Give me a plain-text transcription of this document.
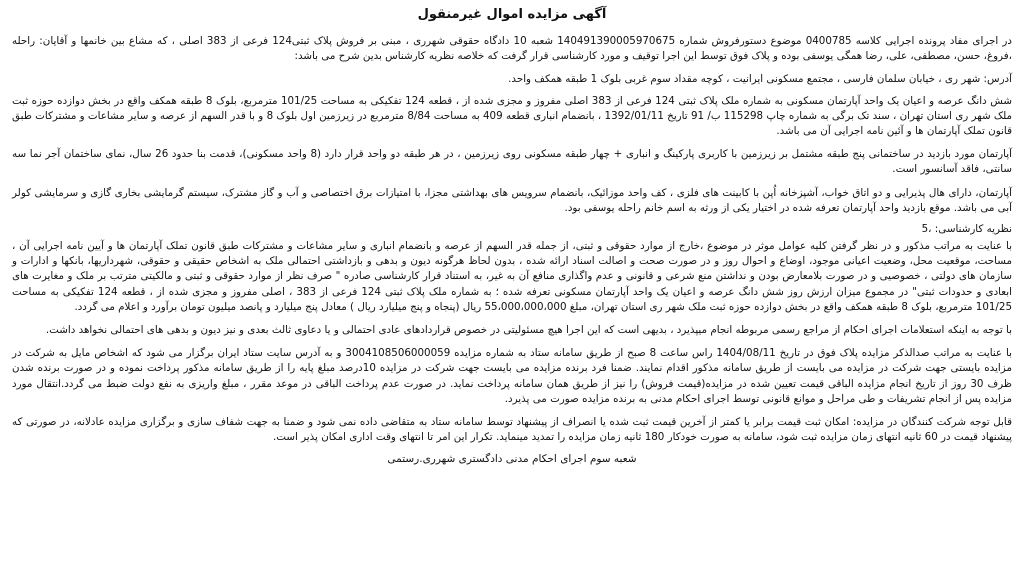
آگهی مزایده اموال غیرمنقول

در اجرای مفاد پرونده اجرایی کلاسه 0400785 موضوع دستورفروش شماره 140491390005970675 شعبه 10 دادگاه حقوقی شهرری ، مبنی بر فروش پلاک ثبتی124 فرعی از 383 اصلی ، که مشاع بین خانمها و آقایان: راحله ،فروغ، حسن، مصطفی، علی، رضا همگی یوسفی بوده و پلاک فوق توسط این اجرا توقیف و مورد کارشناسی قرار گرفت که خلاصه نظریه کارشناس بدین شرح می باشد:

آدرس: شهر ری ، خیابان سلمان فارسی ، مجتمع مسکونی ایرانیت ، کوچه مقداد سوم غربی بلوک 1 طبقه همکف واحد.

شش دانگ عرصه و اعیان یک واحد آپارتمان مسکونی به شماره ملک پلاک ثبتی 124 فرعی از 383 اصلی مفروز و مجزی شده از ، قطعه 124 تفکیکی به مساحت 101/25 مترمربع، بلوک 8 طبقه همکف واقع در بخش دوازده حوزه ثبت ملک شهر ری استان تهران ، سند تک برگی به شماره چاپ 115298 ب/ 91 تاریخ 1392/01/11 ، بانضمام انباری قطعه 409 به مساحت 8/84 مترمربع در زیرزمین اول بلوک 8 و با قدر السهم از عرصه و سایر مشاعات و مشترکات طبق قانون تملک آپارتمان ها و آئین نامه اجرایی آن می باشد.

آپارتمان مورد بازدید در ساختمانی پنج طبقه مشتمل بر زیرزمین با کاربری پارکینگ و انباری + چهار طبقه مسکونی روی زیرزمین ، در هر طبقه دو واحد قرار دارد (8 واحد مسکونی)، قدمت بنا حدود 26 سال، نمای ساختمان آجر نما سه سانتی، فاقد آسانسور است.

آپارتمان، دارای هال پذیرایی و دو اتاق خواب، آشپزخانه اُپن با کابینت های فلزی ، کف واحد موزائیک، بانضمام سرویس های بهداشتی مجزا، با امتیازات برق اختصاصی و آب و گاز مشترک، سیستم گرمایشی بخاری گازی و سرمایشی کولر آبی می باشد. موقع بازدید واحد آپارتمان تعرفه شده در اختیار یکی از ورثه به اسم خانم راحله یوسفی بود.

نظریه کارشناسی: ،5

با عنایت به مراتب مذکور و در نظر گرفتن کلیه عوامل موثر در موضوع ،خارج از موارد حقوقی و ثبتی، از جمله قدر السهم از عرصه و بانضمام انباری و سایر مشاعات و مشترکات طبق قانون تملک آپارتمان ها و آیین نامه اجرایی آن ، مساحت، موقعیت محل، وضعیت اعیانی موجود، اوضاع و احوال روز و در صورت صحت و اصالت اسناد ارائه شده ، بدون لحاظ هرگونه دیون و بدهی و بازداشتی احتمالی ملک به اشخاص حقیقی و حقوقی، شهرداریها، بانکها و ادارات و سازمان های دولتی ، خصوصیی و در صورت بلامعارض بودن و نداشتن منع شرعی و قانونی و عدم واگذاری منافع آن به غیر، به استناد قرار کارشناسی صادره " صرف نظر از موارد حقوقی و ثبتی و مالکیتی مترتب بر ملک و مغایرت های ابعادی و حدودات ثبتی" در مجموع میزان ارزش روز شش دانگ عرصه و اعیان یک واحد آپارتمان مسکونی تعرفه شده ؛ به شماره ملک پلاک ثبتی 124 فرعی از 383 ، اصلی مفروز و مجزی شده از ، قطعه 124 تفکیکی به مساحت 101/25 مترمربع، بلوک 8 طبقه همکف واقع در بخش دوازده حوزه ثبت ملک شهر ری استان تهران، مبلغ 55،000،000،000 ریال (پنجاه و پنج میلیارد ریال ) معادل پنج میلیارد و پانصد میلیون تومان برآورد و اعلام می گردد.

با توجه به اینکه استعلامات اجرای احکام از مراجع رسمی مربوطه انجام میپذیرد ، بدیهی است که این اجرا هیچ مسئولیتی در خصوص قراردادهای عادی احتمالی و یا دعاوی ثالث بعدی و نیز دیون و بدهی های احتمالی نخواهد داشت.

با عنایت به مراتب صدالذکر مزایده پلاک فوق در تاریخ 1404/08/11 راس ساعت 8 صبح از طریق سامانه ستاد به شماره مزایده 3004108506000059 و به آدرس سایت ستاد ایران برگزار می شود که اشخاص مایل به شرکت در مزایده بایستی جهت شرکت در مزایده می بایست از طریق سامانه مذکور اقدام نمایند. ضمنا فرد برنده مزایده می بایست جهت شرکت در مزایده 10درصد مبلغ پایه را از طریق سامانه مذکور پرداخت نموده و در صورت برنده شدن ظرف 30 روز از تاریخ انجام مزایده الباقی قیمت تعیین شده در مزایده(قیمت فروش) را نیز از طریق همان سامانه پرداخت نماید. در صورت عدم پرداخت الباقی در موعد مقرر ، مبلغ واریزی به نفع دولت ضبط می گردد.انتقال مورد مزایده پس از انجام تشریفات و طی مراحل و موانع قانونی توسط اجرای احکام مدنی به برنده مزایده صورت می پذیرد.

قابل توجه شرکت کنندگان در مزایده: امکان ثبت قیمت برابر یا کمتر از آخرین قیمت ثبت شده یا انصراف از پیشنهاد توسط سامانه ستاد به متقاضی داده نمی شود و ضمنا به جهت شفاف سازی و برگزاری مزایده عادلانه، در صورتی که پیشنهاد قیمت در 60 ثانیه انتهای زمان مزایده ثبت شود، سامانه به صورت خودکار 180 ثانیه زمان مزایده را تمدید مینماید. تکرار این امر تا انتهای وقت اداری امکان پذیر است.

شعبه سوم اجرای احکام مدنی دادگستری شهرری.رستمی
